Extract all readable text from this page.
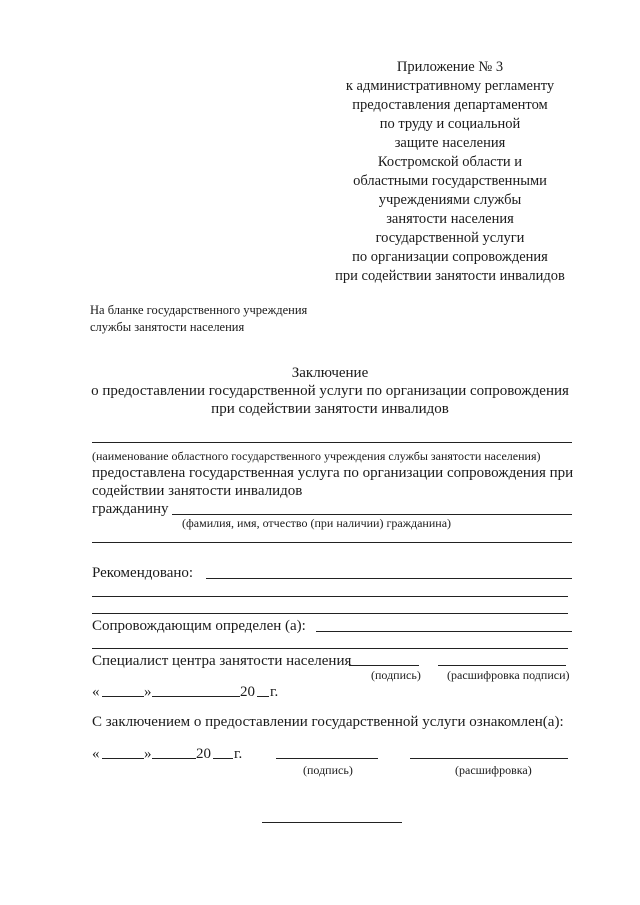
Приложение № 3
к административному регламенту
предоставления департаментом
по труду и социальной
защите населения
Костромской области и
областными государственными
учреждениями службы
занятости населения
государственной услуги
по организации сопровождения
при содействии занятости инвалидов
На бланке государственного учреждения
службы занятости населения
Заключение
о предоставлении государственной услуги по организации сопровождения
при содействии занятости инвалидов
(наименование областного государственного учреждения службы занятости населения)
предоставлена государственная услуга по организации сопровождения при
содействии занятости инвалидов
гражданину
(фамилия, имя, отчество (при наличии) гражданина)
Рекомендовано:
Сопровождающим определен (а):
Специалист центра занятости населения
(подпись) (расшифровка подписи)
«	»	20 г.
С заключением о предоставлении государственной услуги ознакомлен(а):
«	»	20 г.
(подпись)	(расшифровка)
